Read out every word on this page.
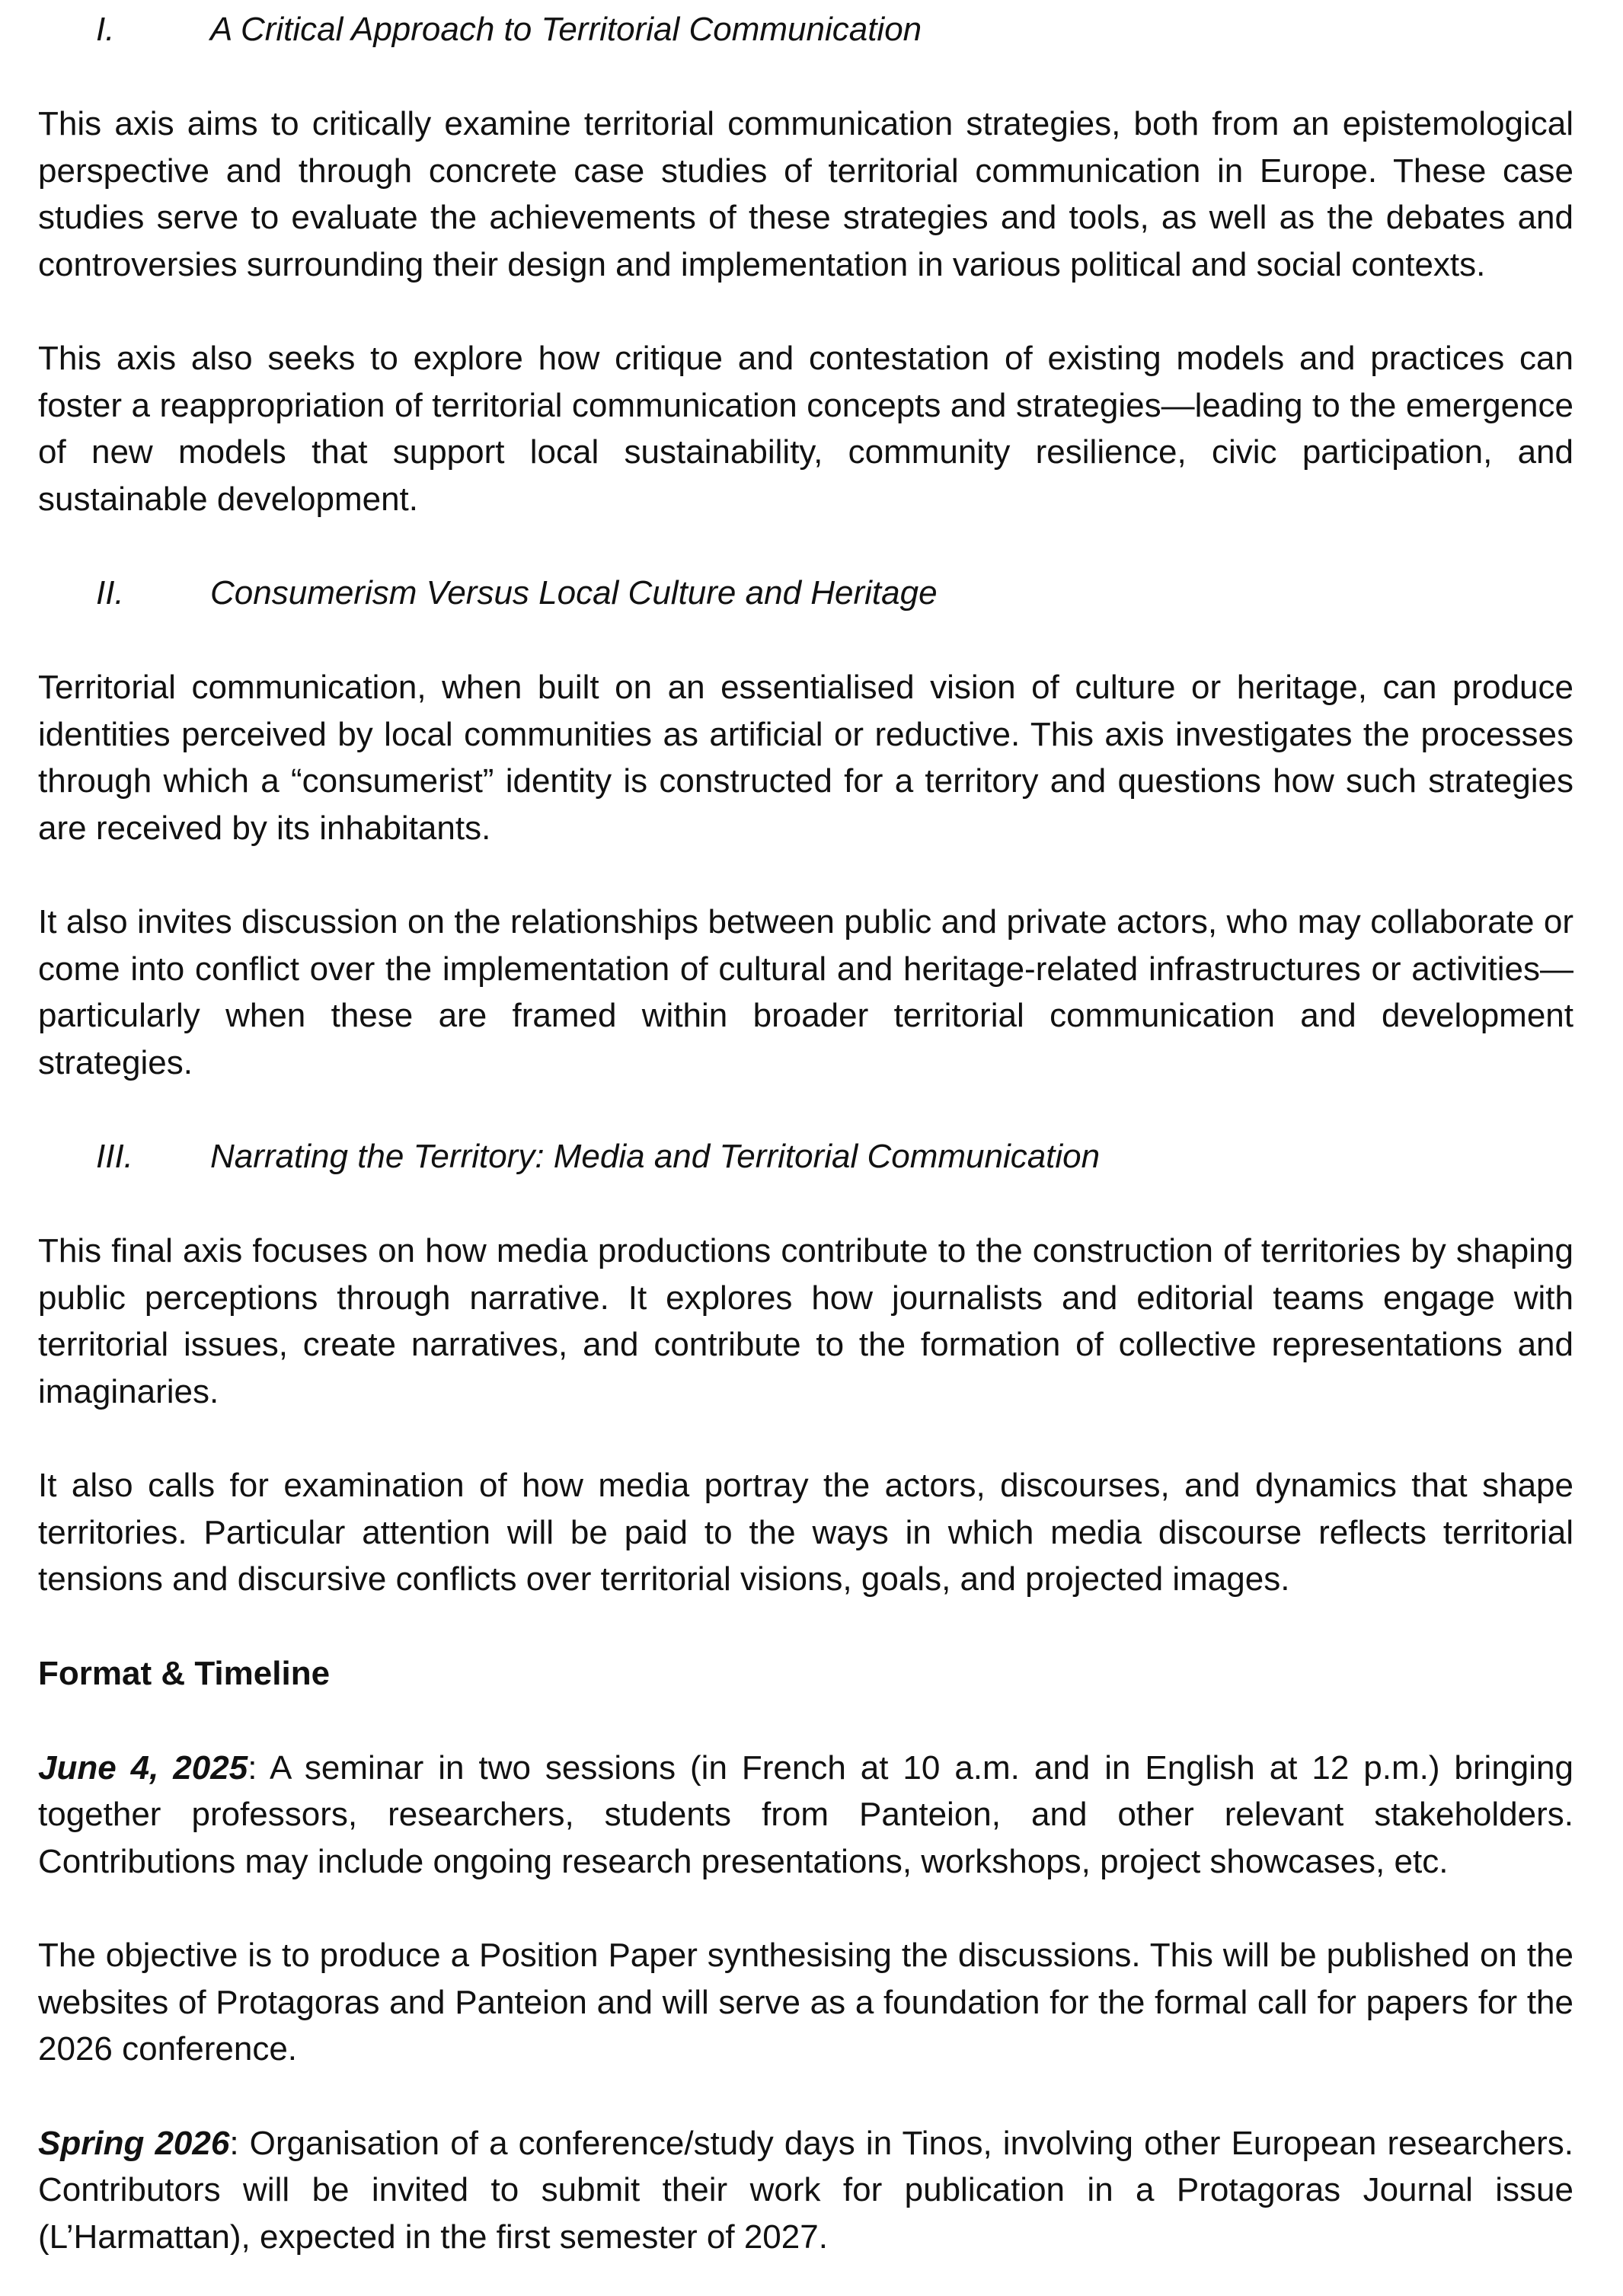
I.	A Critical Approach to Territorial Communication

This axis aims to critically examine territorial communication strategies, both from an epistemological perspective and through concrete case studies of territorial communication in Europe. These case studies serve to evaluate the achievements of these strategies and tools, as well as the debates and controversies surrounding their design and implementation in various political and social contexts.

This axis also seeks to explore how critique and contestation of existing models and practices can foster a reappropriation of territorial communication concepts and strategies—leading to the emergence of new models that support local sustainability, community resilience, civic participation, and sustainable development.

II.	Consumerism Versus Local Culture and Heritage

Territorial communication, when built on an essentialised vision of culture or heritage, can produce identities perceived by local communities as artificial or reductive. This axis investigates the processes through which a “consumerist” identity is constructed for a territory and questions how such strategies are received by its inhabitants.

It also invites discussion on the relationships between public and private actors, who may collaborate or come into conflict over the implementation of cultural and heritage-related infrastructures or activities—particularly when these are framed within broader territorial communication and development strategies.

III.	Narrating the Territory: Media and Territorial Communication

This final axis focuses on how media productions contribute to the construction of territories by shaping public perceptions through narrative. It explores how journalists and editorial teams engage with territorial issues, create narratives, and contribute to the formation of collective representations and imaginaries.

It also calls for examination of how media portray the actors, discourses, and dynamics that shape territories. Particular attention will be paid to the ways in which media discourse reflects territorial tensions and discursive conflicts over territorial visions, goals, and projected images.

Format & Timeline

June 4, 2025: A seminar in two sessions (in French at 10 a.m. and in English at 12 p.m.) bringing together professors, researchers, students from Panteion, and other relevant stakeholders. Contributions may include ongoing research presentations, workshops, project showcases, etc.

The objective is to produce a Position Paper synthesising the discussions. This will be published on the websites of Protagoras and Panteion and will serve as a foundation for the formal call for papers for the 2026 conference.

Spring 2026: Organisation of a conference/study days in Tinos, involving other European researchers. Contributors will be invited to submit their work for publication in a Protagoras Journal issue (L’Harmattan), expected in the first semester of 2027.
